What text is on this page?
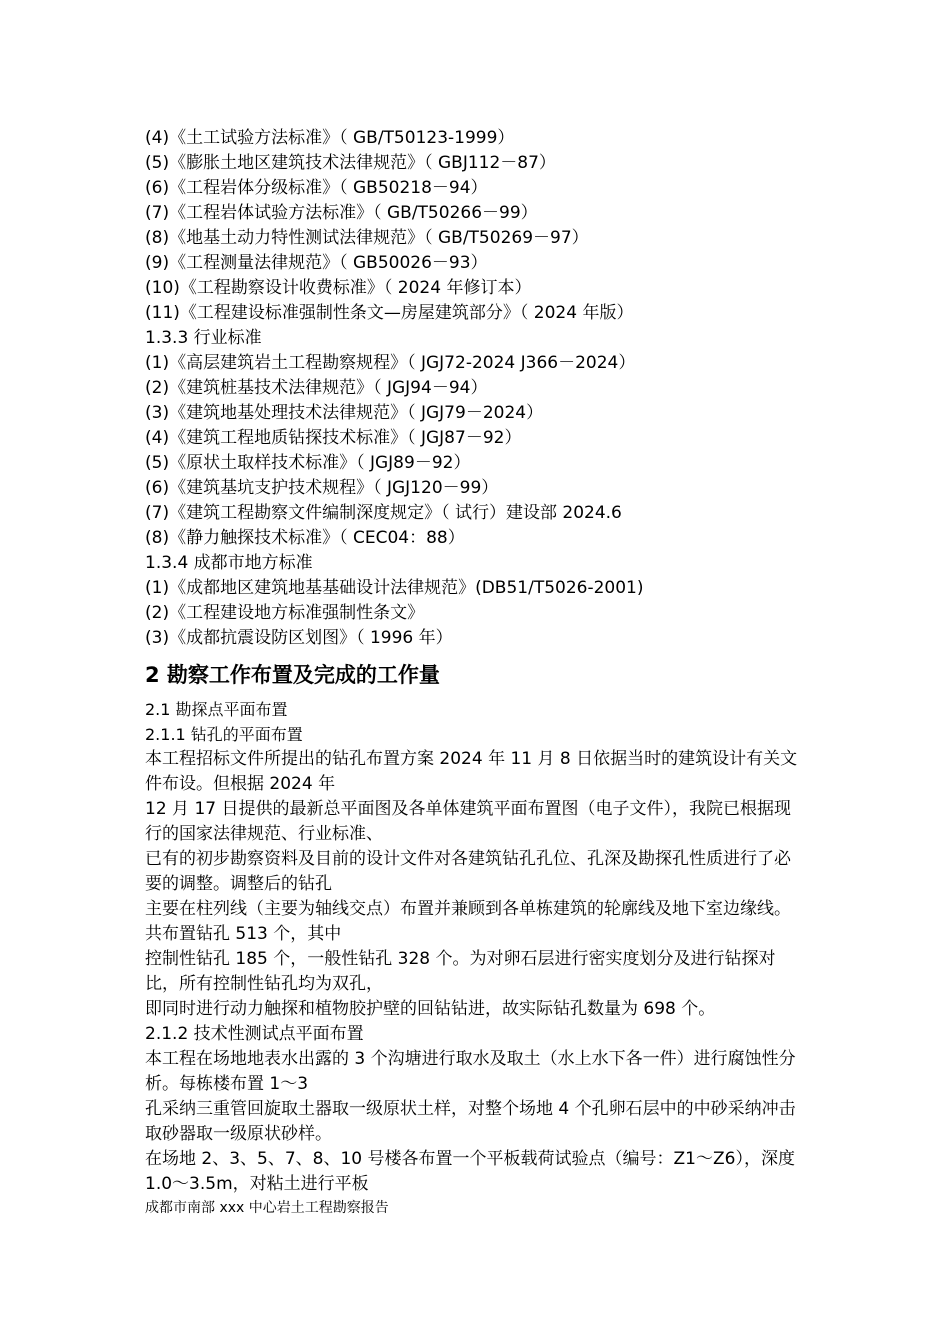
(4)《土工试验方法标准》（ GB/T50123-1999）
(5)《膨胀土地区建筑技术法律规范》（ GBJ112－87）
(6)《工程岩体分级标准》（ GB50218－94）
(7)《工程岩体试验方法标准》（ GB/T50266－99）
(8)《地基土动力特性测试法律规范》（ GB/T50269－97）
(9)《工程测量法律规范》（ GB50026－93）
(10)《工程勘察设计收费标准》（ 2024 年修订本）
(11)《工程建设标准强制性条文—房屋建筑部分》（ 2024 年版）
1.3.3 行业标准
(1)《高层建筑岩土工程勘察规程》（ JGJ72-2024 J366－2024）
(2)《建筑桩基技术法律规范》（ JGJ94－94）
(3)《建筑地基处理技术法律规范》（ JGJ79－2024）
(4)《建筑工程地质钻探技术标准》（ JGJ87－92）
(5)《原状土取样技术标准》（ JGJ89－92）
(6)《建筑基坑支护技术规程》（ JGJ120－99）
(7)《建筑工程勘察文件编制深度规定》（ 试行）建设部 2024.6
(8)《静力触探技术标准》（ CEC04：88）
1.3.4 成都市地方标准
(1)《成都地区建筑地基基础设计法律规范》(DB51/T5026-2001)
(2)《工程建设地方标准强制性条文》
(3)《成都抗震设防区划图》（ 1996 年）
2 勘察工作布置及完成的工作量
2.1 勘探点平面布置
2.1.1 钻孔的平面布置
本工程招标文件所提出的钻孔布置方案 2024 年 11 月 8 日依据当时的建筑设计有关文件布设。但根据 2024 年
12 月 17 日提供的最新总平面图及各单体建筑平面布置图（电子文件），我院已根据现行的国家法律规范、行业标准、
已有的初步勘察资料及目前的设计文件对各建筑钻孔孔位、孔深及勘探孔性质进行了必要的调整。调整后的钻孔
主要在柱列线（主要为轴线交点）布置并兼顾到各单栋建筑的轮廓线及地下室边缘线。共布置钻孔 513 个，其中
控制性钻孔 185 个，一般性钻孔 328 个。为对卵石层进行密实度划分及进行钻探对比，所有控制性钻孔均为双孔，
即同时进行动力触探和植物胶护壁的回钻钻进，故实际钻孔数量为 698 个。
2.1.2 技术性测试点平面布置
本工程在场地地表水出露的 3 个沟塘进行取水及取土（水上水下各一件）进行腐蚀性分析。每栋楼布置 1～3
孔采纳三重管回旋取土器取一级原状土样，对整个场地 4 个孔卵石层中的中砂采纳冲击取砂器取一级原状砂样。
在场地 2、3、5、7、8、10 号楼各布置一个平板载荷试验点（编号：Z1～Z6），深度 1.0～3.5m，对粘土进行平板
成都市南部 xxx 中心岩土工程勘察报告
